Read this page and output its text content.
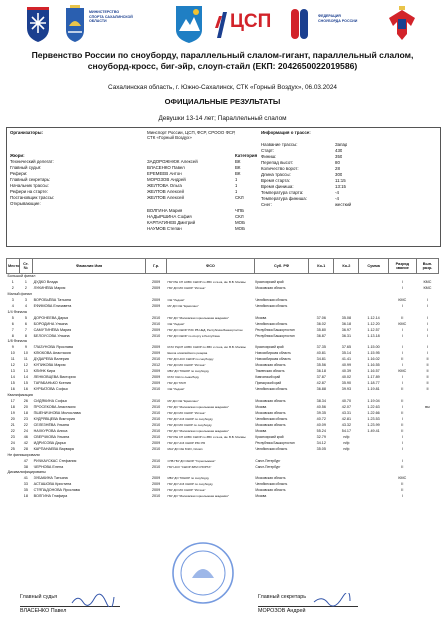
МИНИСТЕРСТВО СПОРТА САХАЛИНСКОЙ ОБЛАСТИ	ЦСП	ФЕДЕРАЦИЯ СНОУБОРДА РОССИИ
Первенство России по сноуборду, параллельный слалом-гигант, параллельный слалом,
сноуборд-кросс, биг-эйр, слоуп-стайл (ЕКП: 2042650022019586)
Сахалинская область, г. Южно-Сахалинск, СТК «Горный Воздух», 06.03.2024
ОФИЦИАЛЬНЫЕ РЕЗУЛЬТАТЫ
Девушки 13-14 лет; Параллельный слалом
Организаторы:	Минспорт России, ЦСП, ФСР, СРООО ФСР, СТК «Горный Воздух»
Информация о трассе:
Жюри:	Категория
Технический делегат:	ЗАДОРОЖНЮК Алексей	ВК
Главный судья:	ВЛАСЕНКО Павел	ВК
Рефери:	ЕРЕМЕЕВ Антон	ВК
Главный секретарь:	МОРОЗОВ Андрей	1
Начальник трассы:	ЖЕЛТОВА Ольга	1
Рефери на старте:	ЖЕЛТОВ Алексей	1
Постановщик трассы:	ЖЕЛТОВ Алексей	СКЛ
Открывающие:
ВОЛГИНА Мария	ЧПБ
НАДЫРШИНА София	СКЛ
КАРПАГИНЕВ Дмитрий	МОБ
НАУМОВ Степан	МОБ
Название трассы:	Запад
Старт:	430
Финиш:	350
Перепад высот:	80
Количество ворот:	28
Длина трассы:	300
Время старта:	11:15
Время финиша:	13:15
Температура старта:	-4
Температура финиша:	-4
Снег:	жесткий
Место	Ст. №	Фамилия Имя	Г.р.	ФСО	Суб. РФ	Ко-1	Ко-2	Сумма	Разряд звание	Вып. разр.
Большой финал										
1	1	ДУДКО Влада	2009	ГБУ РШ СП АОВС СШОР по ЗВС и ся-ка, им. В.В. Москвы	Красноярский край				I	КМС
2	2	ЛУКИНЁВА Мария	2009	ГБУ ДО МО СШОР "Истина"	Московская область				I	КМС
Малый финал										
3	3	ВОРОБЬЁВА Татьяна	2009	СШ "Ледник"	Челябинская область				КМС	I
4	4	ЕФИМОВА Елизавета	2009	МУ ДО СШ "Ермолино"	Челябинская область				I	I
1/4 Финала										
5	5	ДОРОНЕЕВА Дарья	2010	ГБУ ДО "Московская горнолыжная академия"	Москва	37.06	35.08	1.12.14	II	I
6	6	БОРОДИНА Ульяна	2010	СШ "Ледник"	Челябинская область	36.02	36.18	1.12.20	КМС	I
7	7	САМУТИНЁВА Мария	2009	ГБУ ДО СШОР РЗС РБ НЕД, Республика Башкортостан	Республика Башкортостан	35.80	36.97	1.12.57	I	I
8	8	БЕЛОУСОВА Ульяна	2010	ГБУ ДО СШОР по спорту в Республике	Республика Башкортостан	36.87	36.31	1.13.18	I	I
1/8 Финала										
9	9	ГЛАЗУНОВА Ярослава	2009	КГАУ РЦСП АОВС СШОР по ЗВС и ся-ка, им. В.В. Москвы	Красноярский край	37.35	37.65	1.15.00	I	I
10	10	КЛЮКОВА Анастасия	2009	Школа олимпийского резерва	Новосибирская область	40.81	35.14	1.15.95	I	I
11	11	ДУДАРЕВА Валерия	2010	ГБУ ДО НСО СШОР по сноуборду	Новосибирская область	34.81	41.41	1.16.02	II	II
12	12	КУПИКОВА Мария	2012	ГБУ ДО МО СШОР "Истина"	Московская область	35.56	40.99	1.16.55	I	II
13	13	КЛИНК Кира	2009	МБУ ДО ТОШОР по сноуборду	Тюменская область	36.18	40.39	1.16.57	КМС	II
14	14	ЛЕНКОВЦЕВА Виктория	2009	КГАУ СШ по лыжн/боду	Камчатский край	37.87	40.02	1.17.89	I	II
15	15	ТАРАБАНЬКО Ксения	2009	ГБУ ДО ТЛКП	Приморский край	42.87	35.90	1.18.77	I	II
16	16	КУРБАТОВА Софья	2010	СШ "Ледник"	Челябинская область	36.88	39.93	1.19.81	II	II
Квалификация										
17	26	СИДЯКИНА Софья	2010	МУ ДО СШ "Ермолино"	Московская область	38.34	40.70	1.19.04	II	
18	20	ПРОСЕКОВА Анастасия	2010	ГБУ ДО "Московская горнолыжная академия"	Москва	40.56	42.07	1.22.63	I	вы
19	18	ПШЕНИЧНОВА Милослава	2010	ГБУ ДО МО СШОР "Истина"	Московская область	39.35	43.31	1.22.66	II	
20	23	КУДРЯВЦЕВА Виктория	2010	ГБУ ДО ЧСЗ СШОР по сноуборду	Челябинская область	40.72	42.81	1.23.53	I	
21	22	СЕЛЕЗНЁВА Ульяна	2010	ГБУ ДО МО СШОР по сноуборду	Московская область	40.09	43.32	1.23.99	II	
22	24	НАХКУРОВА Алиса	2010	ГБУ ДО "Московская горнолыжная академия"	Москва	55.24	54.17	1.49.41	II	
23	46	СВЕРЧКОВА Ульяна	2010	ГБУ РШ СП АОВС СШОР по ЗВС и ся-ка, им. В.В. Москвы	Красноярский край	32.79	н/ф		I	
24	42	ИДРИСОВА Дарья	2009	ГБУ ДО ЧСЗ СШОР РЗС РБ	Республика Башкортостан	34.12	н/ф		I	
25	28	КАРПАНАЕВА Варвара	2010	МАУ ДО СШ ЮКО, Олимп	Челябинская область	35.05	н/ф		I	
Не финишировали										
	47	РИЧКАУСКАС Стефания	2010	СПБ ГБУ ДО СШОР "Горнолыжная"	Санкт-Петербург				I	
	38	ЧЕРНОВА Елена	2010	ГБУ НСО "СШОР ЗИМ СПОРТА"	Санкт-Петербург				II	
Дисквалифицированы										
	41	ЗУБАКИНА Татьяна	2009	МБУ ДО ТОШОР по сноуборду	Московская область				КМС	
	33	АСТАШОВА Кристина	2009	ГБУ ДО ЧСЗ СШОР по сноуборду	Челябинская область				II	
	35	СТЯПАДОНОВА Ярослава	2009	ГБУ ДО МО СШОР "Истина"	Московская область				II	
	18	ВОЛГИНА Глафира	2010	ГБУ ДО "Московская горнолыжная академия"	Москва				I	
Главный судья
ВЛАСЕНКО Павел
Главный секретарь
МОРОЗОВ Андрей
